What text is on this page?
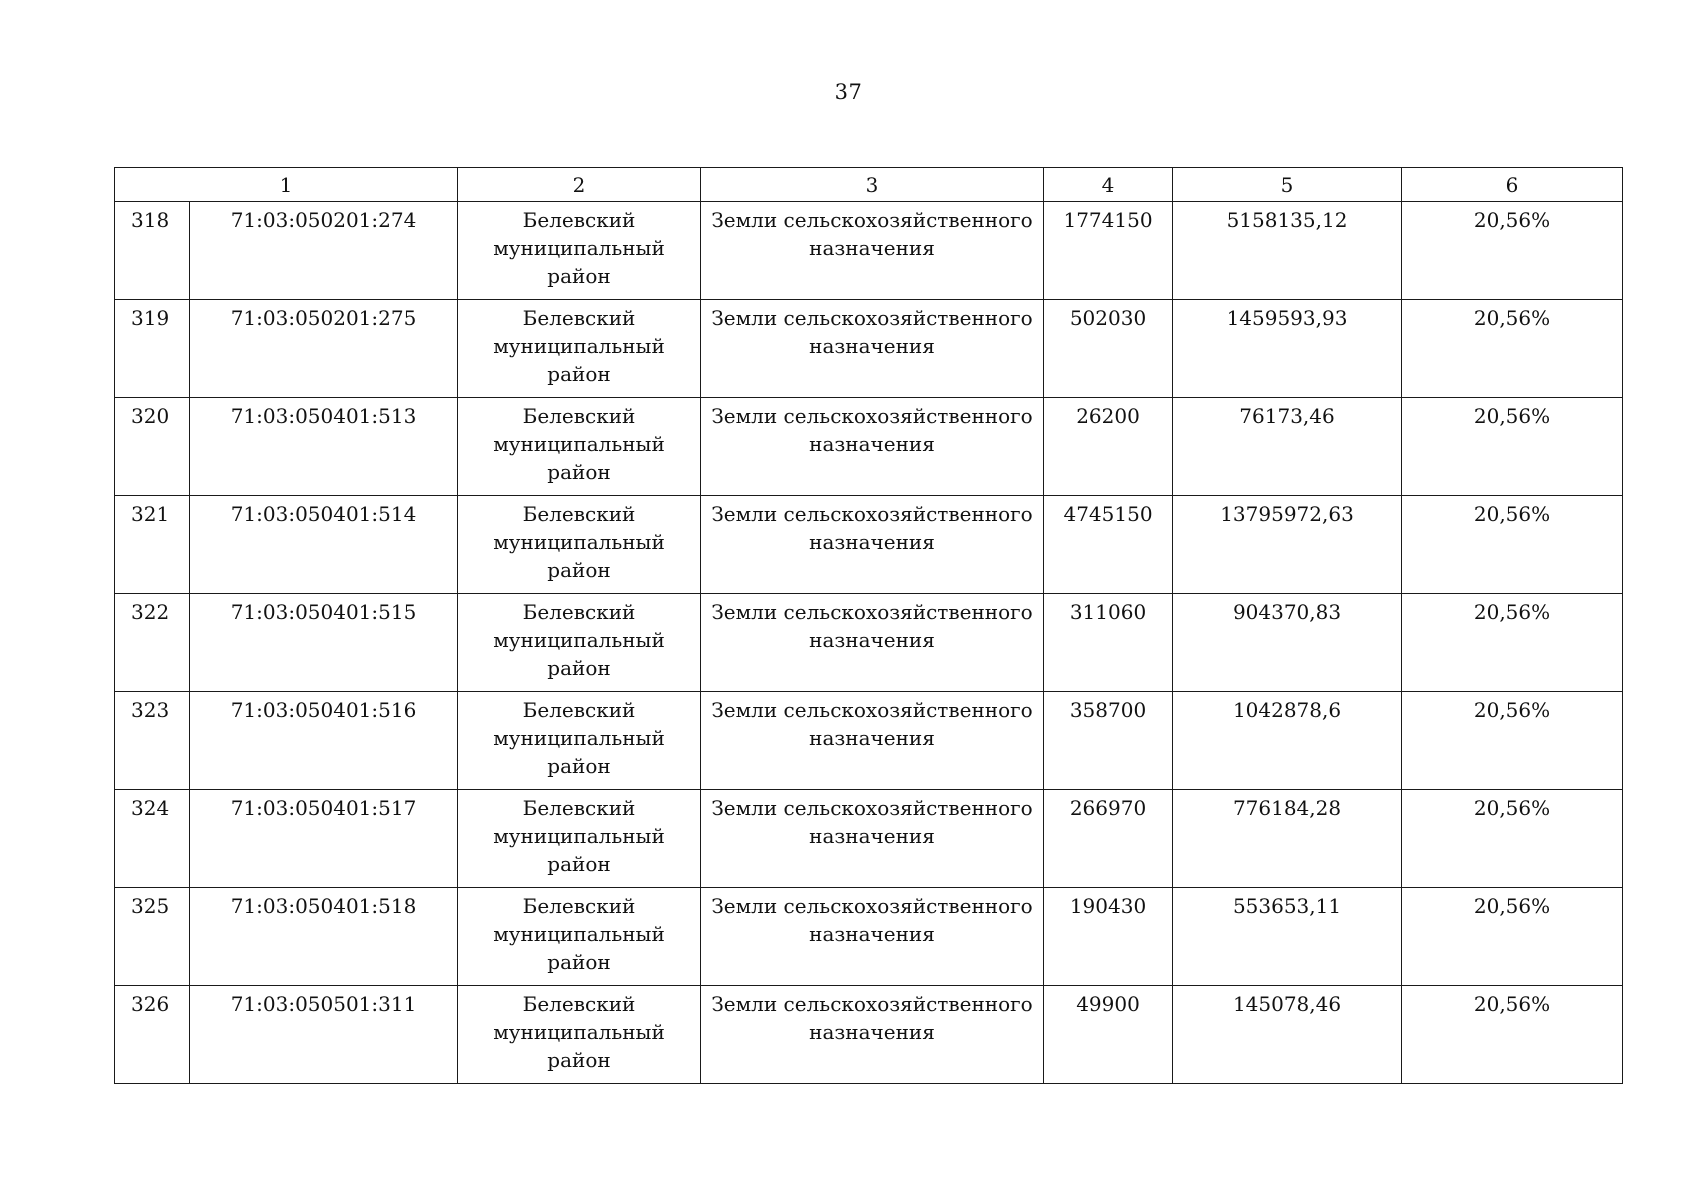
37
1		2	3	4	5	6
318	71:03:050201:274	Белевский
муниципальный
район	Земли сельскохозяйственного
назначения	1774150	5158135,12	20,56%
319	71:03:050201:275	Белевский
муниципальный
район	Земли сельскохозяйственного
назначения	502030	1459593,93	20,56%
320	71:03:050401:513	Белевский
муниципальный
район	Земли сельскохозяйственного
назначения	26200	76173,46	20,56%
321	71:03:050401:514	Белевский
муниципальный
район	Земли сельскохозяйственного
назначения	4745150	13795972,63	20,56%
322	71:03:050401:515	Белевский
муниципальный
район	Земли сельскохозяйственного
назначения	311060	904370,83	20,56%
323	71:03:050401:516	Белевский
муниципальный
район	Земли сельскохозяйственного
назначения	358700	1042878,6	20,56%
324	71:03:050401:517	Белевский
муниципальный
район	Земли сельскохозяйственного
назначения	266970	776184,28	20,56%
325	71:03:050401:518	Белевский
муниципальный
район	Земли сельскохозяйственного
назначения	190430	553653,11	20,56%
326	71:03:050501:311	Белевский
муниципальный
район	Земли сельскохозяйственного
назначения	49900	145078,46	20,56%
